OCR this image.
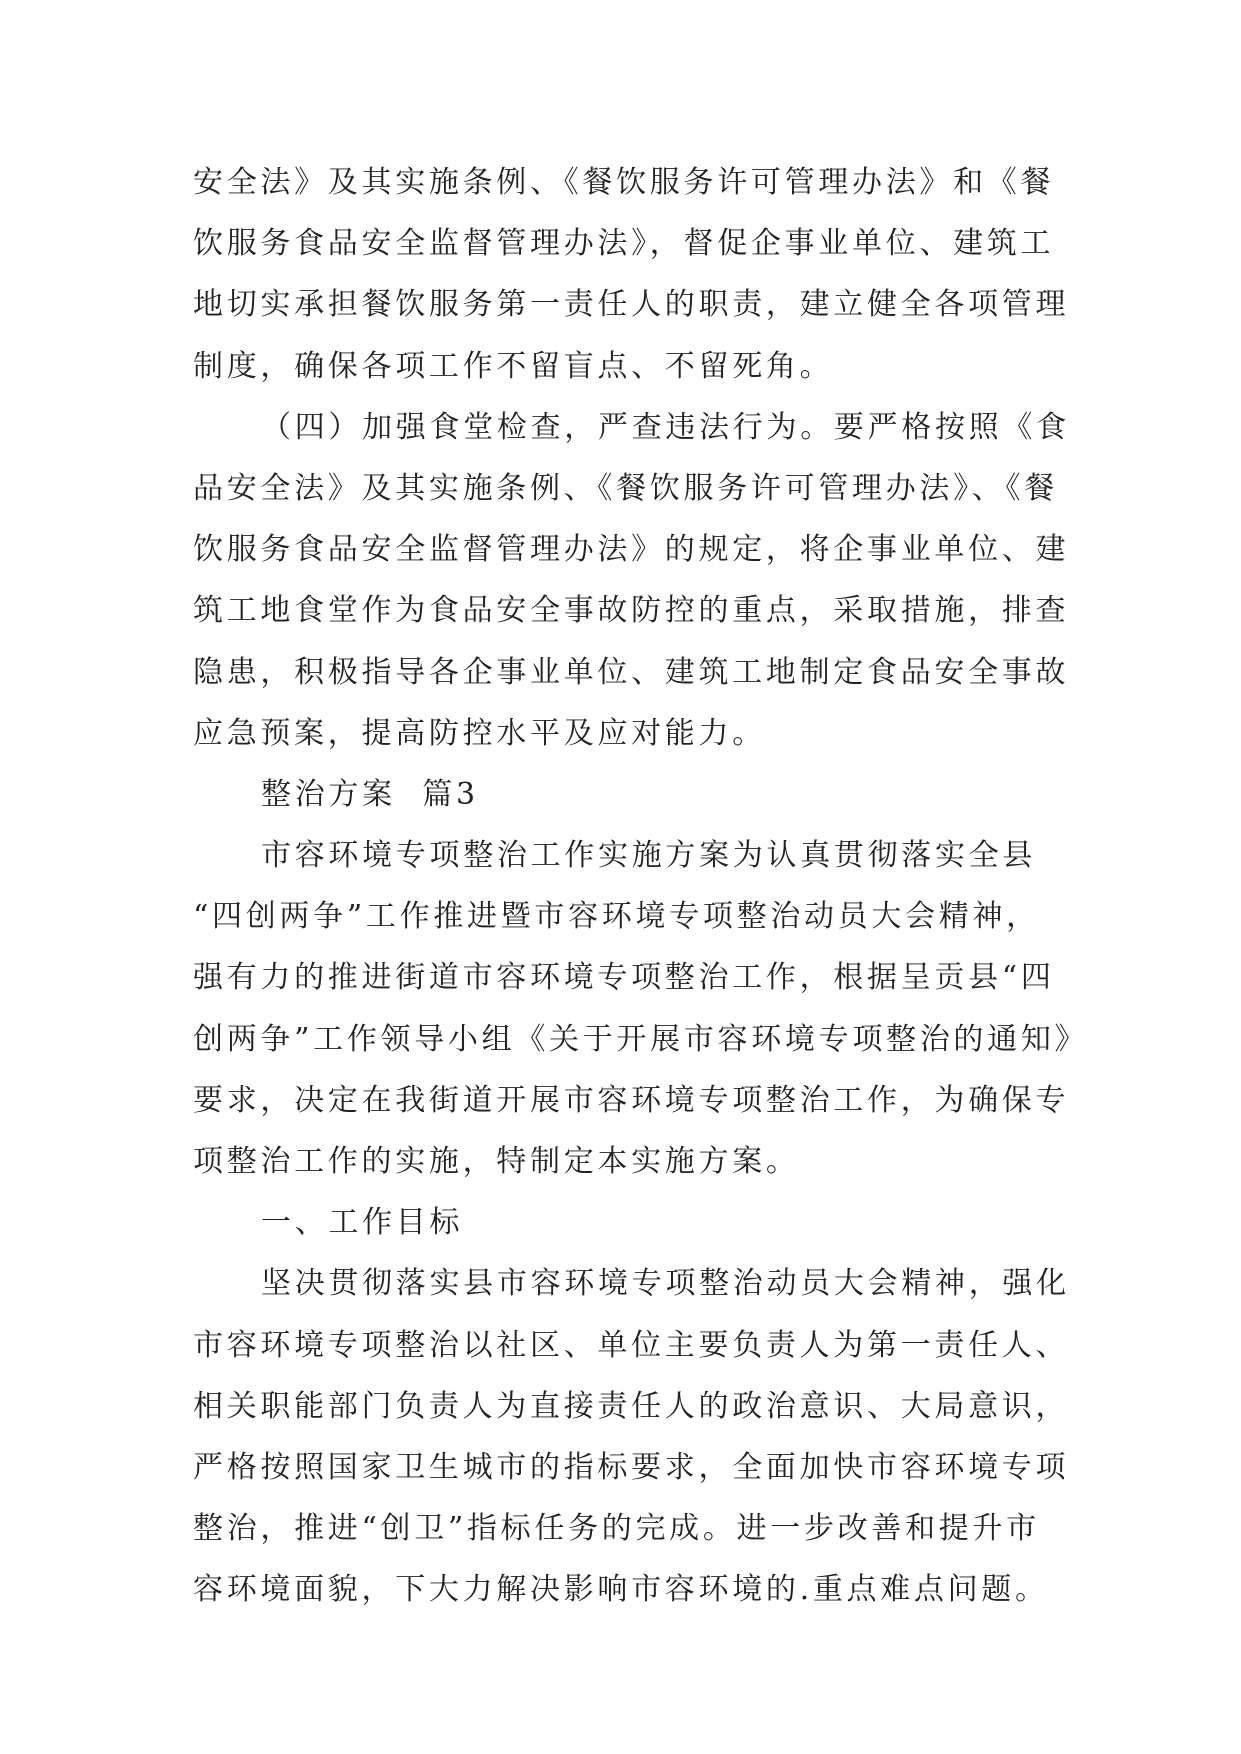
安全法》及其实施条例、《餐饮服务许可管理办法》和《餐
饮服务食品安全监督管理办法》，督促企事业单位、建筑工
地切实承担餐饮服务第一责任人的职责，建立健全各项管理
制度，确保各项工作不留盲点、不留死角。
（四）加强食堂检查，严查违法行为。要严格按照《食
品安全法》及其实施条例、《餐饮服务许可管理办法》、《餐
饮服务食品安全监督管理办法》的规定，将企事业单位、建
筑工地食堂作为食品安全事故防控的重点，采取措施，排查
隐患，积极指导各企事业单位、建筑工地制定食品安全事故
应急预案，提高防控水平及应对能力。
整治方案  篇3
市容环境专项整治工作实施方案为认真贯彻落实全县
“四创两争”工作推进暨市容环境专项整治动员大会精神，
强有力的推进街道市容环境专项整治工作，根据呈贡县“四
创两争”工作领导小组《关于开展市容环境专项整治的通知》
要求，决定在我街道开展市容环境专项整治工作，为确保专
项整治工作的实施，特制定本实施方案。
一、工作目标
坚决贯彻落实县市容环境专项整治动员大会精神，强化
市容环境专项整治以社区、单位主要负责人为第一责任人、
相关职能部门负责人为直接责任人的政治意识、大局意识，
严格按照国家卫生城市的指标要求，全面加快市容环境专项
整治，推进“创卫”指标任务的完成。进一步改善和提升市
容环境面貌，下大力解决影响市容环境的.重点难点问题。
